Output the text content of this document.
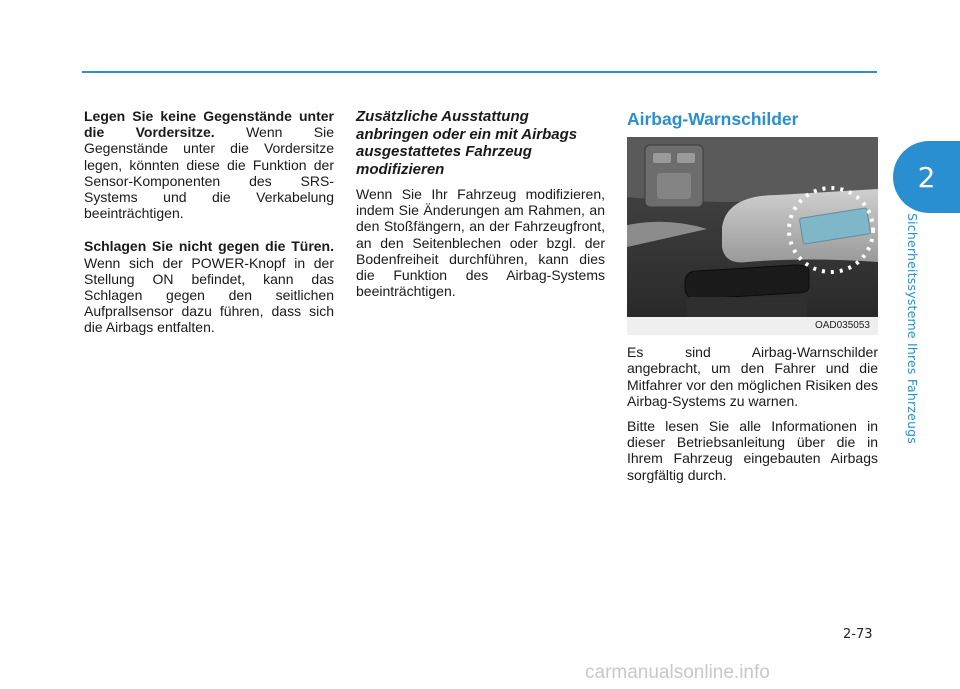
2
Sicherheitssysteme Ihres Fahrzeugs

Legen Sie keine Gegenstände unter die Vordersitze. Wenn Sie Gegenstände unter die Vordersitze legen, könnten diese die Funktion der Sensor-Komponenten des SRS-Systems und die Verkabelung beeinträchtigen.

Schlagen Sie nicht gegen die Türen. Wenn sich der POWER-Knopf in der Stellung ON befindet, kann das Schlagen gegen den seitlichen Aufprallsensor dazu führen, dass sich die Airbags entfalten.

Zusätzliche Ausstattung anbringen oder ein mit Airbags ausgestattetes Fahrzeug modifizieren

Wenn Sie Ihr Fahrzeug modifizieren, indem Sie Änderungen am Rahmen, an den Stoßfängern, an der Fahrzeugfront, an den Seitenblechen oder bzgl. der Bodenfreiheit durchführen, kann dies die Funktion des Airbag-Systems beeinträchtigen.

Airbag-Warnschilder
OAD035053

Es sind Airbag-Warnschilder angebracht, um den Fahrer und die Mitfahrer vor den möglichen Risiken des Airbag-Systems zu warnen.

Bitte lesen Sie alle Informationen in dieser Betriebsanleitung über die in Ihrem Fahrzeug eingebauten Airbags sorgfältig durch.

2-73
carmanualsonline.info
